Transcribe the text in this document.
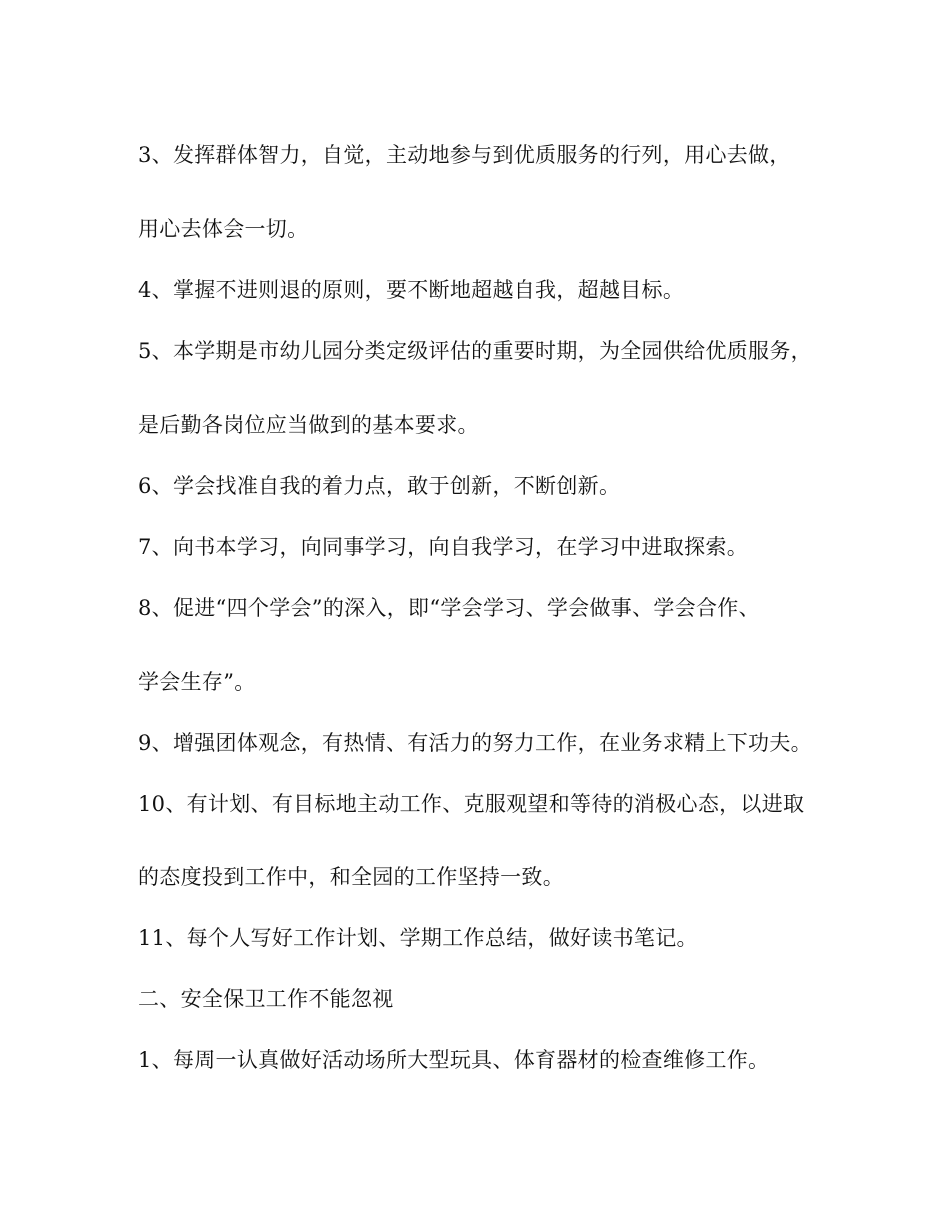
3、发挥群体智力，自觉，主动地参与到优质服务的行列，用心去做，
用心去体会一切。
4、掌握不进则退的原则，要不断地超越自我，超越目标。
5、本学期是市幼儿园分类定级评估的重要时期，为全园供给优质服务，
是后勤各岗位应当做到的基本要求。
6、学会找准自我的着力点，敢于创新，不断创新。
7、向书本学习，向同事学习，向自我学习，在学习中进取探索。
8、促进“四个学会”的深入，即“学会学习、学会做事、学会合作、
学会生存”。
9、增强团体观念，有热情、有活力的努力工作，在业务求精上下功夫。
10、有计划、有目标地主动工作、克服观望和等待的消极心态，以进取
的态度投到工作中，和全园的工作坚持一致。
11、每个人写好工作计划、学期工作总结，做好读书笔记。
二、安全保卫工作不能忽视
1、每周一认真做好活动场所大型玩具、体育器材的检查维修工作。
